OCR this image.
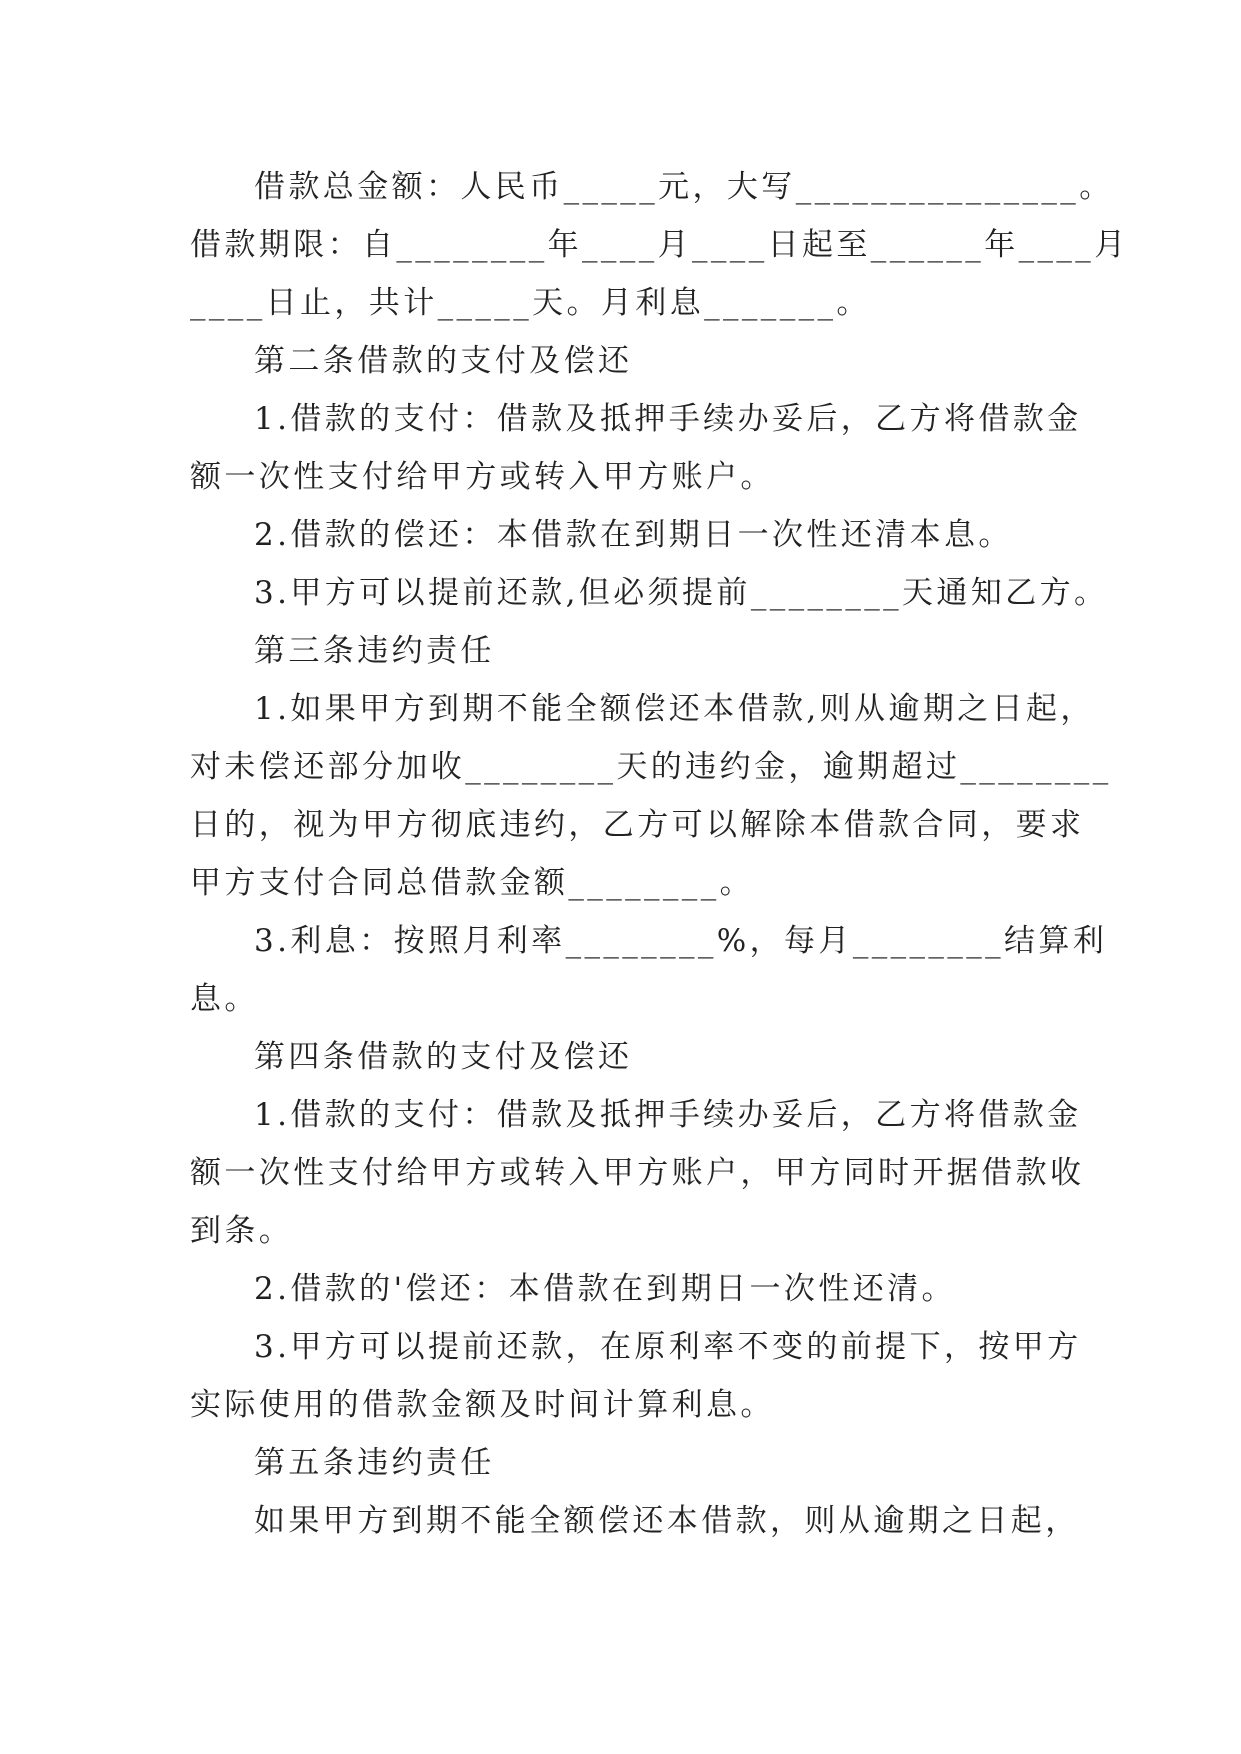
借款总金额：人民币_____元，大写_______________。
借款期限：自________年____月____日起至______年____月
____日止，共计_____天。月利息_______。
第二条借款的支付及偿还
1.借款的支付：借款及抵押手续办妥后，乙方将借款金
额一次性支付给甲方或转入甲方账户。
2.借款的偿还：本借款在到期日一次性还清本息。
3.甲方可以提前还款,但必须提前________天通知乙方。
第三条违约责任
1.如果甲方到期不能全额偿还本借款,则从逾期之日起，
对未偿还部分加收________天的违约金，逾期超过________
日的，视为甲方彻底违约，乙方可以解除本借款合同，要求
甲方支付合同总借款金额________。
3.利息：按照月利率________%，每月________结算利
息。
第四条借款的支付及偿还
1.借款的支付：借款及抵押手续办妥后，乙方将借款金
额一次性支付给甲方或转入甲方账户，甲方同时开据借款收
到条。
2.借款的'偿还：本借款在到期日一次性还清。
3.甲方可以提前还款，在原利率不变的前提下，按甲方
实际使用的借款金额及时间计算利息。
第五条违约责任
如果甲方到期不能全额偿还本借款，则从逾期之日起，
